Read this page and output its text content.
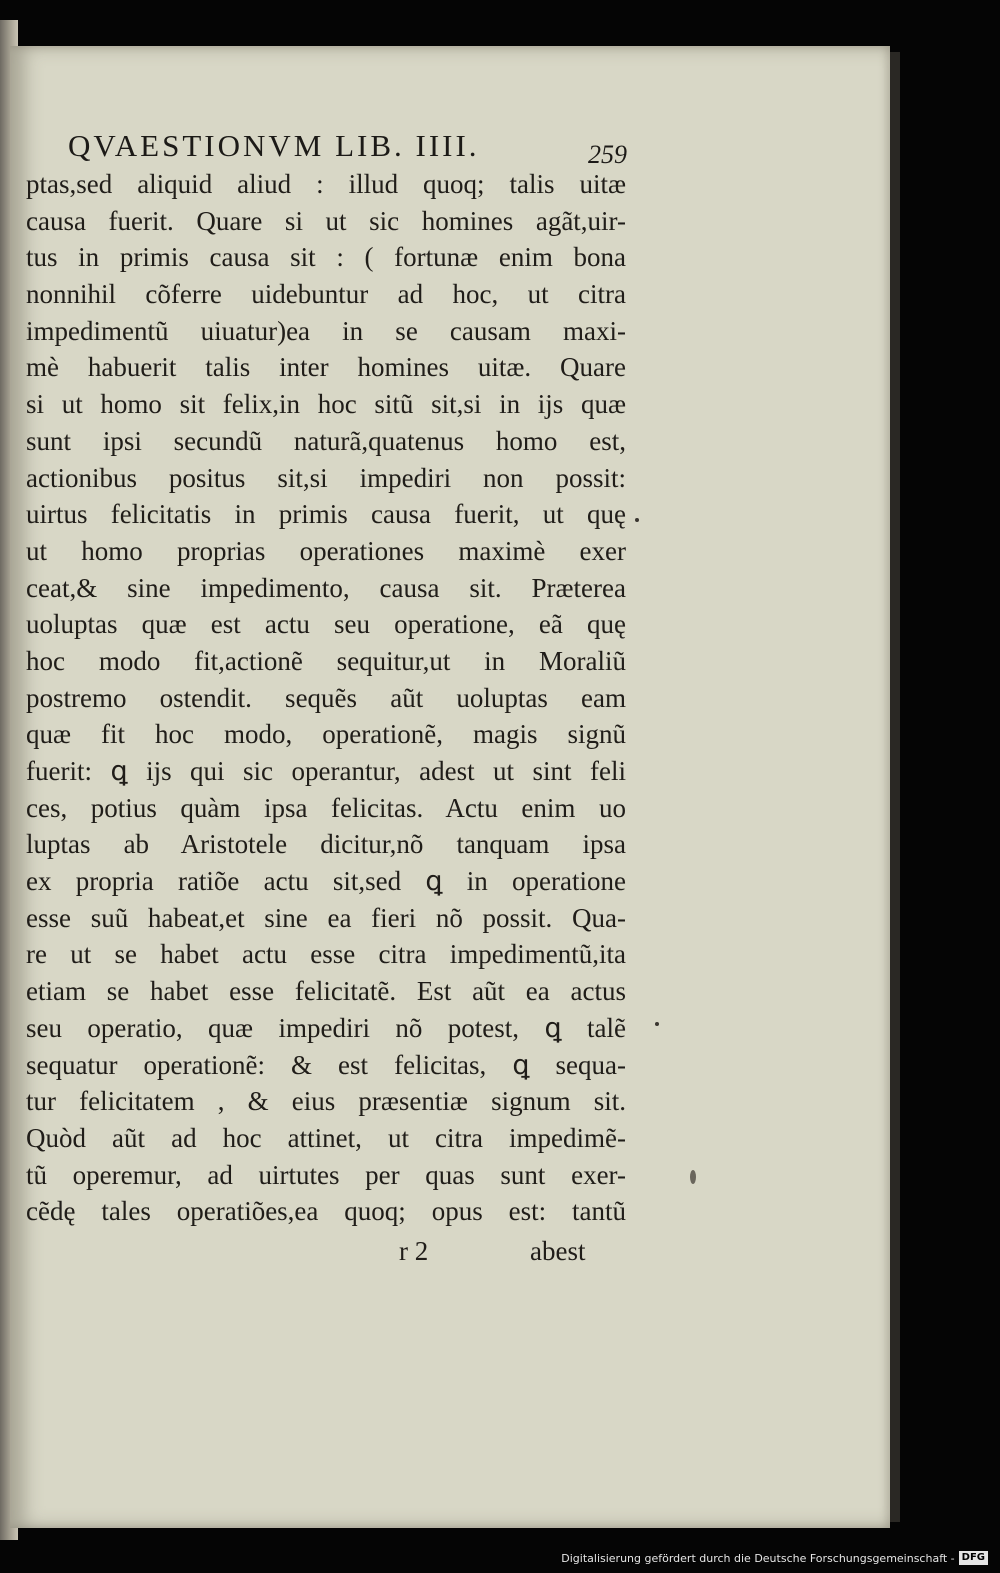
QVAESTIONVM LIB. IIII.	259
ptas,sed aliquid aliud : illud quoq; talis uitæ
causa fuerit. Quare si ut sic homines agãt,uir-
tus in primis causa sit : ( fortunæ enim bona
nonnihil cõferre uidebuntur ad hoc, ut citra
impedimentũ uiuatur)ea in se causam maxi-
mè habuerit talis inter homines uitæ. Quare
si ut homo sit felix,in hoc sitũ sit,si in ijs quæ
sunt ipsi secundũ naturã,quatenus homo est,
actionibus positus sit,si impediri non possit:
uirtus felicitatis in primis causa fuerit, ut quę
ut homo proprias operationes maximè exer
ceat,& sine impedimento, causa sit. Præterea
uoluptas quæ est actu seu operatione, eã quę
hoc modo fit,actionẽ sequitur,ut in Moraliũ
postremo ostendit. sequẽs aũt uoluptas eam
quæ fit hoc modo, operationẽ, magis signũ
fuerit: ꝗ ijs qui sic operantur, adest ut sint feli
ces, potius quàm ipsa felicitas. Actu enim uo
luptas ab Aristotele dicitur,nõ tanquam ipsa
ex propria ratiõe actu sit,sed ꝗ in operatione
esse suũ habeat,et sine ea fieri nõ possit. Qua-
re ut se habet actu esse citra impedimentũ,ita
etiam se habet esse felicitatẽ. Est aũt ea actus
seu operatio, quæ impediri nõ potest, ꝗ talẽ
sequatur operationẽ: & est felicitas, ꝗ sequa-
tur felicitatem , & eius præsentiæ signum sit.
Quòd aũt ad hoc attinet, ut citra impedimẽ-
tũ operemur, ad uirtutes per quas sunt exer-
cẽdę tales operatiões,ea quoq; opus est: tantũ
r 2	abest
Digitalisierung gefördert durch die Deutsche Forschungsgemeinschaft - DFG
